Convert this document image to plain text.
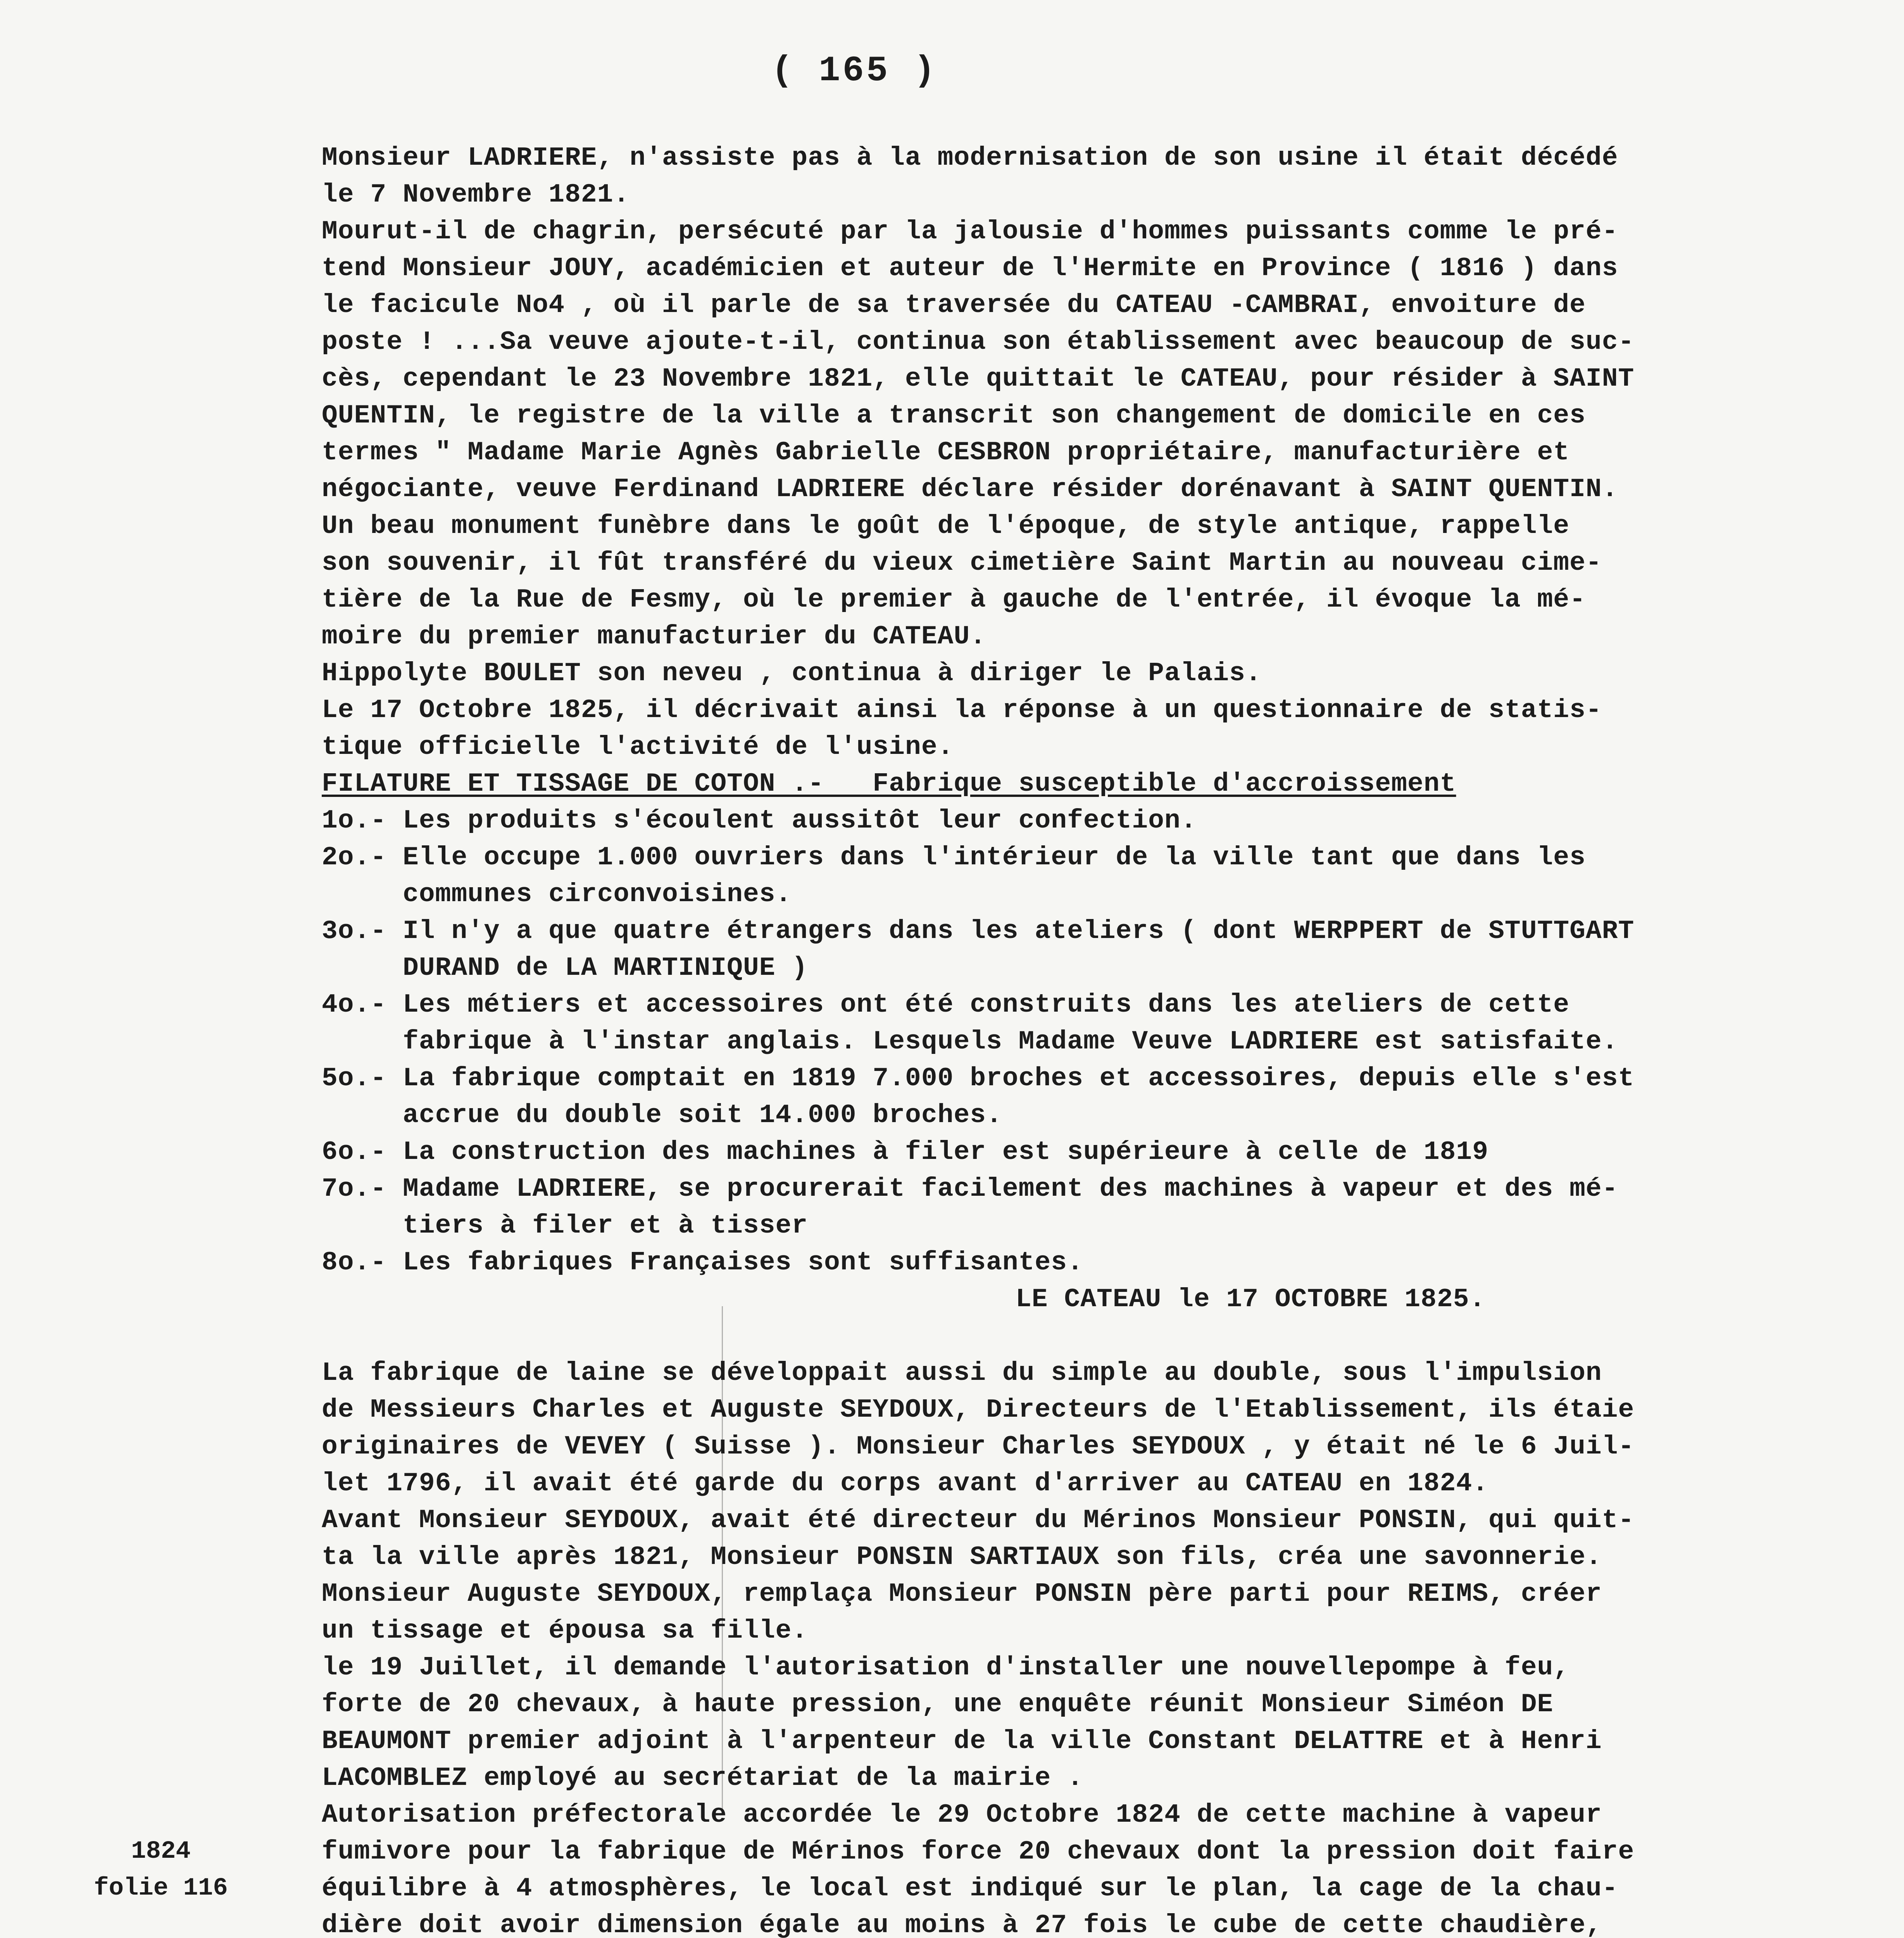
( 165 )
1824
folie 116
Monsieur LADRIERE, n'assiste pas à la modernisation de son usine il était décédé
le 7 Novembre 1821.
Mourut-il de chagrin, persécuté par la jalousie d'hommes puissants comme le pré-
tend Monsieur JOUY, académicien et auteur de l'Hermite en Province ( 1816 ) dans
le facicule No4 , où il parle de sa traversée du CATEAU -CAMBRAI, envoiture de
poste ! ...Sa veuve ajoute-t-il, continua son établissement avec beaucoup de suc-
cès, cependant le 23 Novembre 1821, elle quittait le CATEAU, pour résider à SAINT
QUENTIN, le registre de la ville a transcrit son changement de domicile en ces
termes " Madame Marie Agnès Gabrielle CESBRON propriétaire, manufacturière et
négociante, veuve Ferdinand LADRIERE déclare résider dorénavant à SAINT QUENTIN.
Un beau monument funèbre dans le goût de l'époque, de style antique, rappelle
son souvenir, il fût transféré du vieux cimetière Saint Martin au nouveau cime-
tière de la Rue de Fesmy, où le premier à gauche de l'entrée, il évoque la mé-
moire du premier manufacturier du CATEAU.
Hippolyte BOULET son neveu , continua à diriger le Palais.
Le 17 Octobre 1825, il décrivait ainsi la réponse à un questionnaire de statis-
tique officielle l'activité de l'usine.
FILATURE ET TISSAGE DE COTON .-   Fabrique susceptible d'accroissement
1o.- Les produits s'écoulent aussitôt leur confection.
2o.- Elle occupe 1.000 ouvriers dans l'intérieur de la ville tant que dans les
communes circonvoisines.
3o.- Il n'y a que quatre étrangers dans les ateliers ( dont WERPPERT de STUTTGART
DURAND de LA MARTINIQUE )
4o.- Les métiers et accessoires ont été construits dans les ateliers de cette
fabrique à l'instar anglais. Lesquels Madame Veuve LADRIERE est satisfaite.
5o.- La fabrique comptait en 1819 7.000 broches et accessoires, depuis elle s'est
accrue du double soit 14.000 broches.
6o.- La construction des machines à filer est supérieure à celle de 1819
7o.- Madame LADRIERE, se procurerait facilement des machines à vapeur et des mé-
tiers à filer et à tisser
8o.- Les fabriques Françaises sont suffisantes.
LE CATEAU le 17 OCTOBRE 1825.
La fabrique de laine se développait aussi du simple au double, sous l'impulsion
de Messieurs Charles et Auguste SEYDOUX, Directeurs de l'Etablissement, ils étaie
originaires de VEVEY ( Suisse ). Monsieur Charles SEYDOUX , y était né le 6 Juil-
let 1796, il avait été garde du corps avant d'arriver au CATEAU en 1824.
Avant Monsieur SEYDOUX, avait été directeur du Mérinos Monsieur PONSIN, qui quit-
ta la ville après 1821, Monsieur PONSIN SARTIAUX son fils, créa une savonnerie.
Monsieur Auguste SEYDOUX, remplaça Monsieur PONSIN père parti pour REIMS, créer
un tissage et épousa sa fille.
le 19 Juillet, il demande l'autorisation d'installer une nouvellepompe à feu,
forte de 20 chevaux, à haute pression, une enquête réunit Monsieur Siméon DE
BEAUMONT premier adjoint à l'arpenteur de la ville Constant DELATTRE et à Henri
LACOMBLEZ employé au secrétariat de la mairie .
Autorisation préfectorale accordée le 29 Octobre 1824 de cette machine à vapeur
fumivore pour la fabrique de Mérinos force 20 chevaux dont la pression doit faire
équilibre à 4 atmosphères, le local est indiqué sur le plan, la cage de la chau-
dière doit avoir dimension égale au moins à 27 fois le cube de cette chaudière,
